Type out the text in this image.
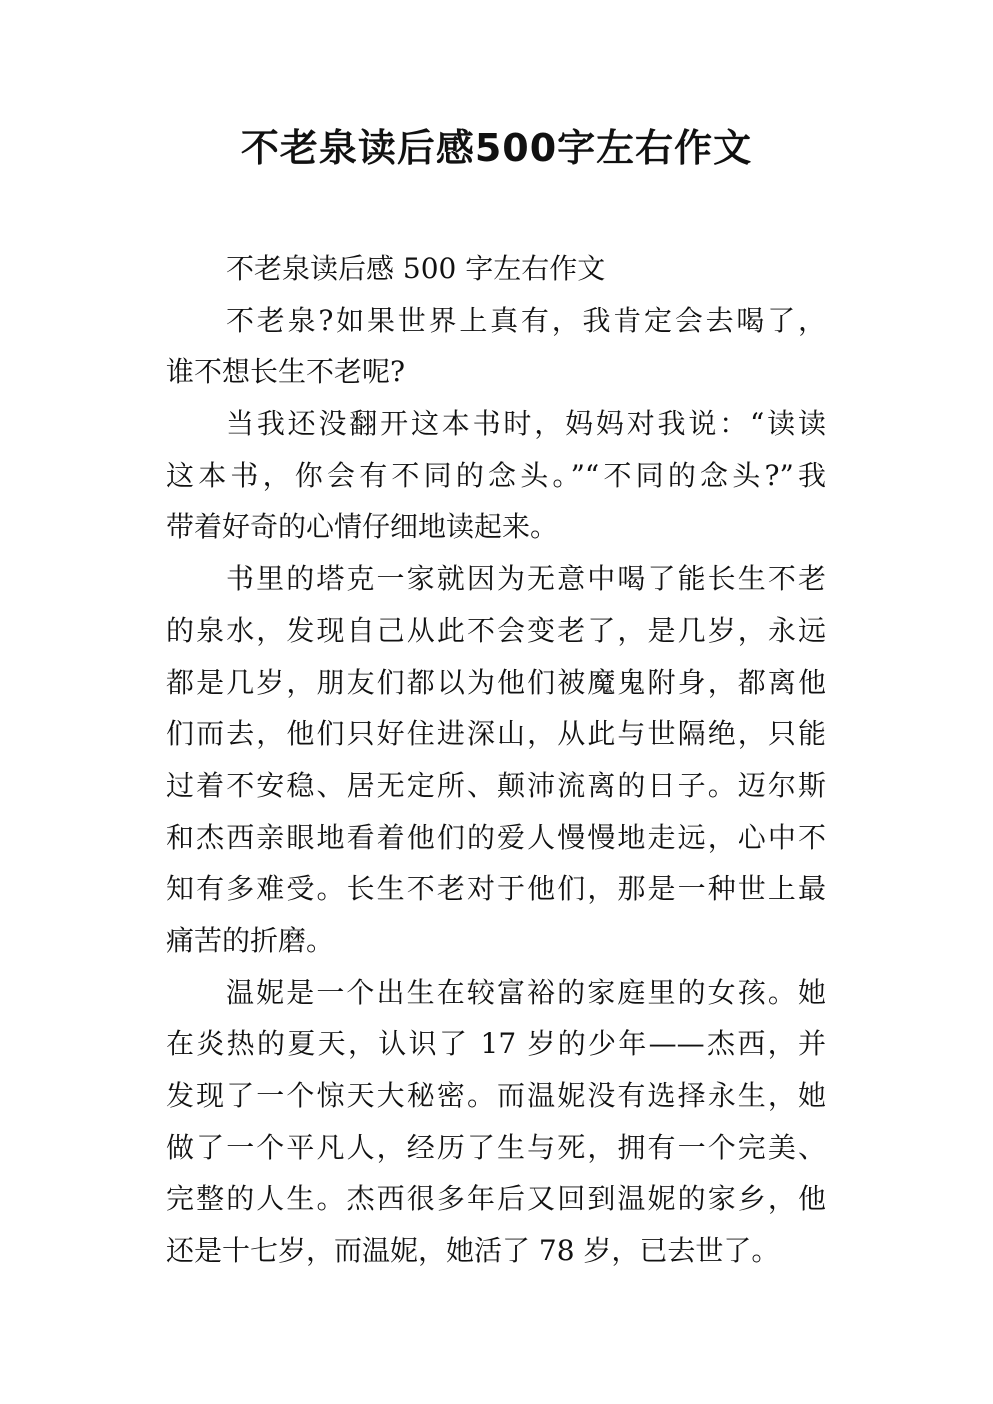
不老泉读后感500字左右作文
不老泉读后感 500 字左右作文
不老泉?如果世界上真有，我肯定会去喝了，
谁不想长生不老呢?
当我还没翻开这本书时，妈妈对我说：“读读
这本书，你会有不同的念头。”“不同的念头?”我
带着好奇的心情仔细地读起来。
书里的塔克一家就因为无意中喝了能长生不老
的泉水，发现自己从此不会变老了，是几岁，永远
都是几岁，朋友们都以为他们被魔鬼附身，都离他
们而去，他们只好住进深山，从此与世隔绝，只能
过着不安稳、居无定所、颠沛流离的日子。迈尔斯
和杰西亲眼地看着他们的爱人慢慢地走远，心中不
知有多难受。长生不老对于他们，那是一种世上最
痛苦的折磨。
温妮是一个出生在较富裕的家庭里的女孩。她
在炎热的夏天，认识了 17 岁的少年——杰西，并
发现了一个惊天大秘密。而温妮没有选择永生，她
做了一个平凡人，经历了生与死，拥有一个完美、
完整的人生。杰西很多年后又回到温妮的家乡，他
还是十七岁，而温妮，她活了 78 岁，已去世了。
